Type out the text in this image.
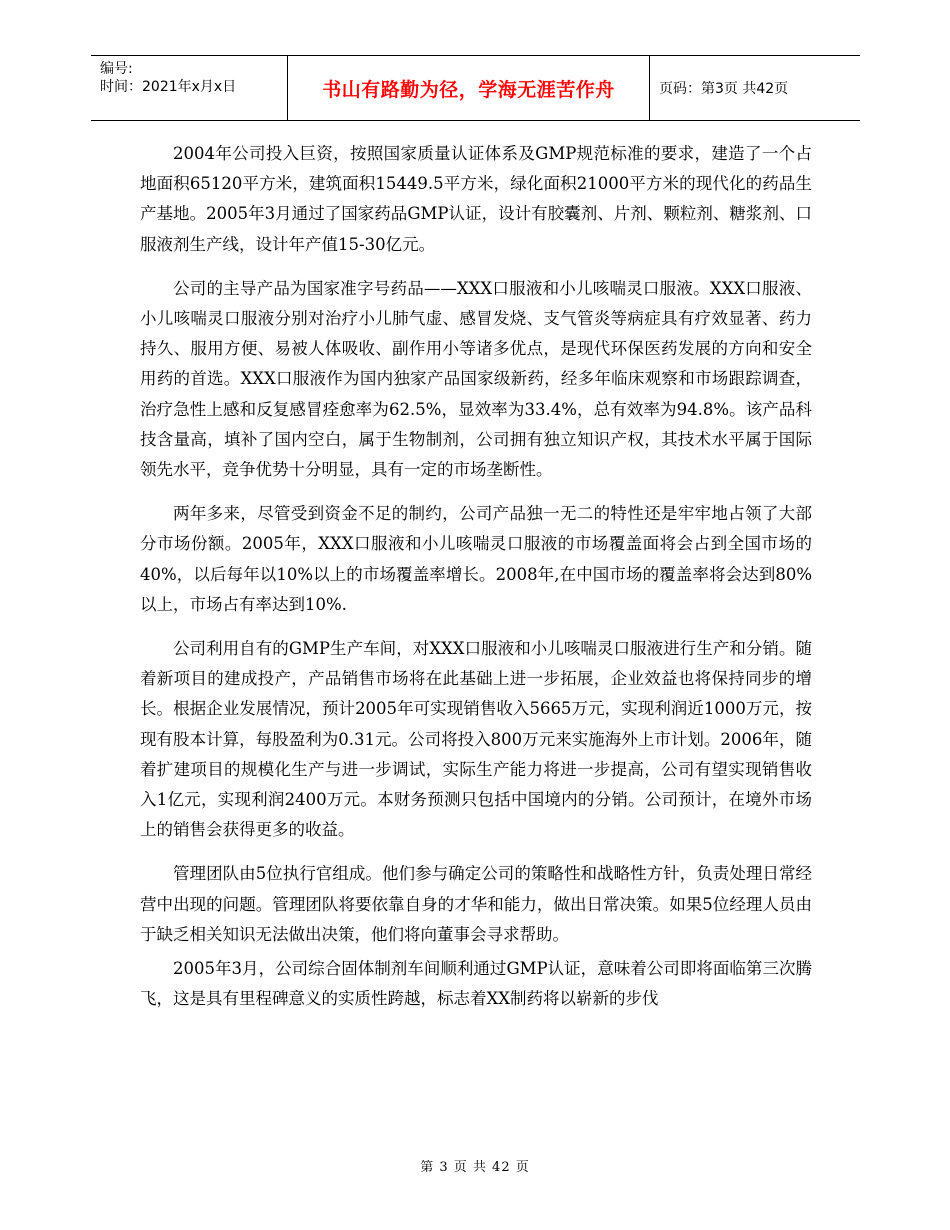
编号:
时间：2021年x月x日	书山有路勤为径，学海无涯苦作舟	页码：第3页 共42页

2004年公司投入巨资，按照国家质量认证体系及GMP规范标准的要求，建造了一个占地面积65120平方米，建筑面积15449.5平方米，绿化面积21000平方米的现代化的药品生产基地。2005年3月通过了国家药品GMP认证，设计有胶囊剂、片剂、颗粒剂、糖浆剂、口服液剂生产线，设计年产值15-30亿元。

公司的主导产品为国家准字号药品——XXX口服液和小儿咳喘灵口服液。XXX口服液、小儿咳喘灵口服液分别对治疗小儿肺气虚、感冒发烧、支气管炎等病症具有疗效显著、药力持久、服用方便、易被人体吸收、副作用小等诸多优点，是现代环保医药发展的方向和安全用药的首选。XXX口服液作为国内独家产品国家级新药，经多年临床观察和市场跟踪调查，治疗急性上感和反复感冒痊愈率为62.5%，显效率为33.4%，总有效率为94.8%。该产品科技含量高，填补了国内空白，属于生物制剂，公司拥有独立知识产权，其技术水平属于国际领先水平，竞争优势十分明显，具有一定的市场垄断性。

两年多来，尽管受到资金不足的制约，公司产品独一无二的特性还是牢牢地占领了大部分市场份额。2005年，XXX口服液和小儿咳喘灵口服液的市场覆盖面将会占到全国市场的40%，以后每年以10%以上的市场覆盖率增长。2008年,在中国市场的覆盖率将会达到80%以上，市场占有率达到10%.

公司利用自有的GMP生产车间，对XXX口服液和小儿咳喘灵口服液进行生产和分销。随着新项目的建成投产，产品销售市场将在此基础上进一步拓展，企业效益也将保持同步的增长。根据企业发展情况，预计2005年可实现销售收入5665万元，实现利润近1000万元，按现有股本计算，每股盈利为0.31元。公司将投入800万元来实施海外上市计划。2006年，随着扩建项目的规模化生产与进一步调试，实际生产能力将进一步提高，公司有望实现销售收入1亿元，实现利润2400万元。本财务预测只包括中国境内的分销。公司预计，在境外市场上的销售会获得更多的收益。

管理团队由5位执行官组成。他们参与确定公司的策略性和战略性方针，负责处理日常经营中出现的问题。管理团队将要依靠自身的才华和能力，做出日常决策。如果5位经理人员由于缺乏相关知识无法做出决策，他们将向董事会寻求帮助。

2005年3月，公司综合固体制剂车间顺利通过GMP认证，意味着公司即将面临第三次腾飞，这是具有里程碑意义的实质性跨越，标志着XX制药将以崭新的步伐

第 3 页 共 42 页
